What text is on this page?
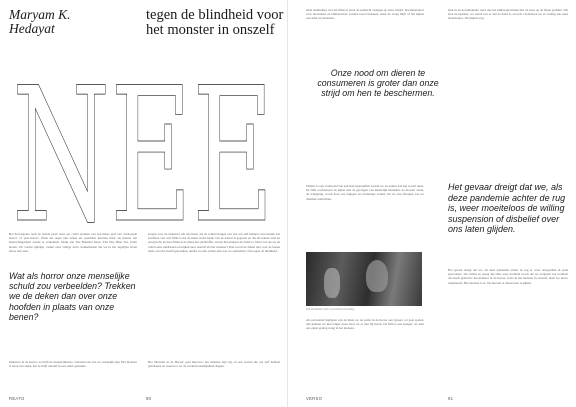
Maryam K. Hedayat
tegen de blindheid voor het monster in onszelf
NEE

Het horrorgenre leeft de laatste jaren weer op: critici spreken van een heuse golf van 'verhoogde horror' of 'post-horror', films die angst niet alleen als spektakel inzetten maar als manier om maatschappelijke onrust te verkennen. Denk aan The Haunted Ones, The Day Blue Sea, Point Room. We voelen tijdelijk, vanuit onze veilige stoel, donkerheden die we in het dagelijks leven liever niet zien.

Wat als horror onze menselijke schuld zou verbeelden? Trekken we de deken dan over onze hoofden in plaats van onze benen?

Monsters in de horror, zo blijft de monstertheorie, vertellen ons wie we werkelijk zijn. Het monster is nooit een ander, het is altijd onszelf in een ander gedaante.

zorgen voor de monsters om ons heen, die de schuld dragen van wat wij zelf hebben veroorzaakt. De premisse van veel films is dat de mens in het kader van de natuur is gegooid en dat die natuur zich nu terugvecht. In deze films is de mens het slachtoffer, terwijl het monster de dader is. Maar wat als we de rollen eens omdraaien en kijken naar onszelf als het monster? Dan wordt de deken niet over de benen maar over het hoofd getrokken, omdat we niet willen zien wat we aanrichten. Nee tegen de blindheid.

Het 'Monster in de Horror' gaat hierover: het monster zijn wij, in een wereld die wij zelf hebben geschapen en waarvoor we de verantwoordelijkheid dragen.

REATO	90

label Animalkey wel dat films al jaren de aandacht vestigen op onze schuld. Documentaires over dierenleed en klimaatcrisis worden breed bekeken, maar de vraag blijft of het kijken ook leidt tot handelen.

Onze nood om dieren te consumeren is groter dan onze strijd om hen te beschermen.

Mother is een voorbeeld van een horrorgenrefilm waarin we de natuur aan het woord laten. De film confronteert de kijker met de gevolgen van menselijk handelen: de moeder aarde, de schepping, wordt door ons uitgeput en vernietigd, zonder dat we ons afvragen wat we daarmee aanrichten.

Still uit Mother! (2017) van Darren Aronofsky.

Als preventief ingrijpen van de mens op de aarde in de horror een grotere rol gaat spelen, dan kunnen we niet langer doen alsof we er niet bij horen. De film is een spiegel: we zien ons eigen gedrag terug in het monster.

Ook in de documentaire werd ons het klimaatprobleem met de neus op de feiten gedrukt. Wij zien de beelden, we weten wat er aan de hand is, en toch veranderen we zo weinig aan onze levenswijze. We kijken weg.

Het gevaar dreigt dat we, als deze pandemie achter de rug is, weer moeiteloos de willing suspension of disbelief over ons laten glijden.

Het gevaar dreigt dat we, als deze pandemie achter de rug is, weer terugvallen in oude gewoontes. We willen zo graag dat alles weer normaal wordt dat we vergeten wat normaal ons heeft gebracht: het monster in de horror, zoals in het monster in onszelf, laten we liever ongemoeid. Het monster is er. We hoeven er alleen naar te kijken.

VERSO	91
